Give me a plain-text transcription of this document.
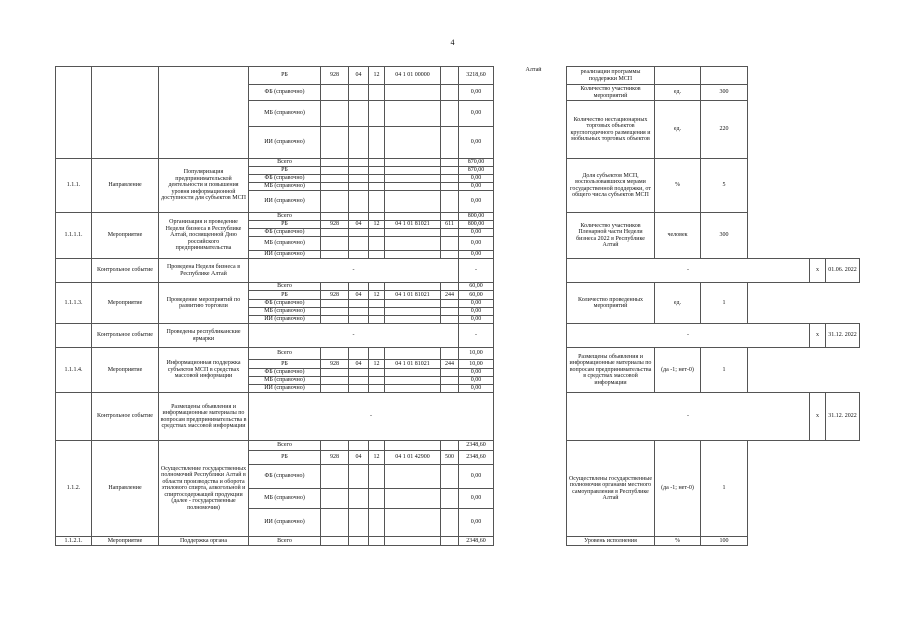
4
			РБ	928	04	12	04 1 01 00000		3218,60	Алтай	реализации программы поддержки МСП					
			ФБ (справочно)						0,00		Количество участников мероприятий	ед.	300			
			МБ (справочно)						0,00		Количество нестационарных торговых объектов круглогодичного размещения и мобильных торговых объектов	ед.	220			
			ИИ (справочно)						0,00							
1.1.1.	Направление	Популяризация предпринимательской деятельности и повышения уровня информационной доступности для субъектов МСП	Всего						870,00		Доля субъектов МСП, воспользовавшихся мерами государственной поддержки, от общего числа субъектов МСП	%	5			
			РБ						870,00							
			ФБ (справочно)						0,00							
			МБ (справочно)						0,00							
			ИИ (справочно)						0,00							
1.1.1.1.	Мероприятие	Организация и проведение Недели бизнеса в Республике Алтай, посвященной Дню российского предпринимательства	Всего						800,00		Количество участников Пленарной части Недели бизнеса 2022 в Республике Алтай	человек	300			
			РБ	928	04	12	04 1 01 81021	611	800,00							
			ФБ (справочно)						0,00							
			МБ (справочно)						0,00							
			ИИ (справочно)						0,00							
	Контрольное событие	Проведена Неделя бизнеса в Республике Алтай	-						-		-				х	01.06. 2022
1.1.1.3.	Мероприятие	Проведение мероприятий по развитию торговли	Всего						60,00		Количество проведенных мероприятий	ед.	1			
			РБ	928	04	12	04 1 01 81021	244	60,00							
			ФБ (справочно)						0,00							
			МБ (справочно)						0,00							
			ИИ (справочно)						0,00							
	Контрольное событие	Проведены республиканские ярмарки	-						-		-				х	31.12. 2022
1.1.1.4.	Мероприятие	Информационная поддержка субъектов МСП в средствах массовой информации	Всего						10,00		Размещены объявления и информационные материалы по вопросам предпринимательства в средствах массовой информации	(да -1; нет-0)	1			
			РБ	928	04	12	04 1 01 81021	244	10,00							
			ФБ (справочно)						0,00							
			МБ (справочно)						0,00							
			ИИ (справочно)						0,00							
	Контрольное событие	Размещены объявления и информационные материалы по вопросам предпринимательства в средствах массовой информации	-								-				х	31.12. 2022
1.1.2.	Направление	Осуществление государственных полномочий Республики Алтай в области производства и оборота этилового спирта, алкогольной и спиртосодержащей продукции (далее - государственные полномочия)	Всего						2348,60		Осуществлены государственные полномочия органами местного самоуправления в Республике Алтай	(да -1; нет-0)	1			
			РБ	928	04	12	04 1 01 42900	500	2348,60							
			ФБ (справочно)						0,00							
			МБ (справочно)						0,00							
			ИИ (справочно)						0,00							
1.1.2.1.	Мероприятие	Поддержка органа	Всего						2348,60		Уровень исполнения	%	100			
